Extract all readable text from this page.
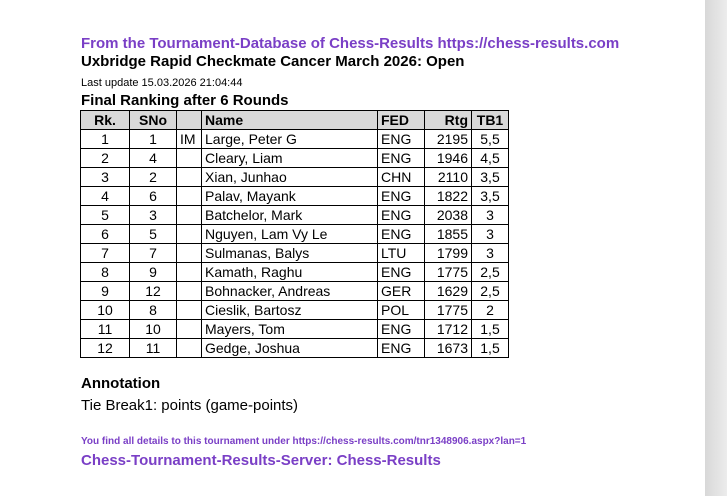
From the Tournament-Database of Chess-Results https://chess-results.com
Uxbridge Rapid Checkmate Cancer March 2026: Open
Last update 15.03.2026 21:04:44
Final Ranking after 6 Rounds
Rk.	SNo		Name	FED	Rtg	TB1
1	1	IM	Large, Peter G	ENG	2195	5,5
2	4		Cleary, Liam	ENG	1946	4,5
3	2		Xian, Junhao	CHN	2110	3,5
4	6		Palav, Mayank	ENG	1822	3,5
5	3		Batchelor, Mark	ENG	2038	3
6	5		Nguyen, Lam Vy Le	ENG	1855	3
7	7		Sulmanas, Balys	LTU	1799	3
8	9		Kamath, Raghu	ENG	1775	2,5
9	12		Bohnacker, Andreas	GER	1629	2,5
10	8		Cieslik, Bartosz	POL	1775	2
11	10		Mayers, Tom	ENG	1712	1,5
12	11		Gedge, Joshua	ENG	1673	1,5
Annotation
Tie Break1: points (game-points)
You find all details to this tournament under https://chess-results.com/tnr1348906.aspx?lan=1
Chess-Tournament-Results-Server: Chess-Results
